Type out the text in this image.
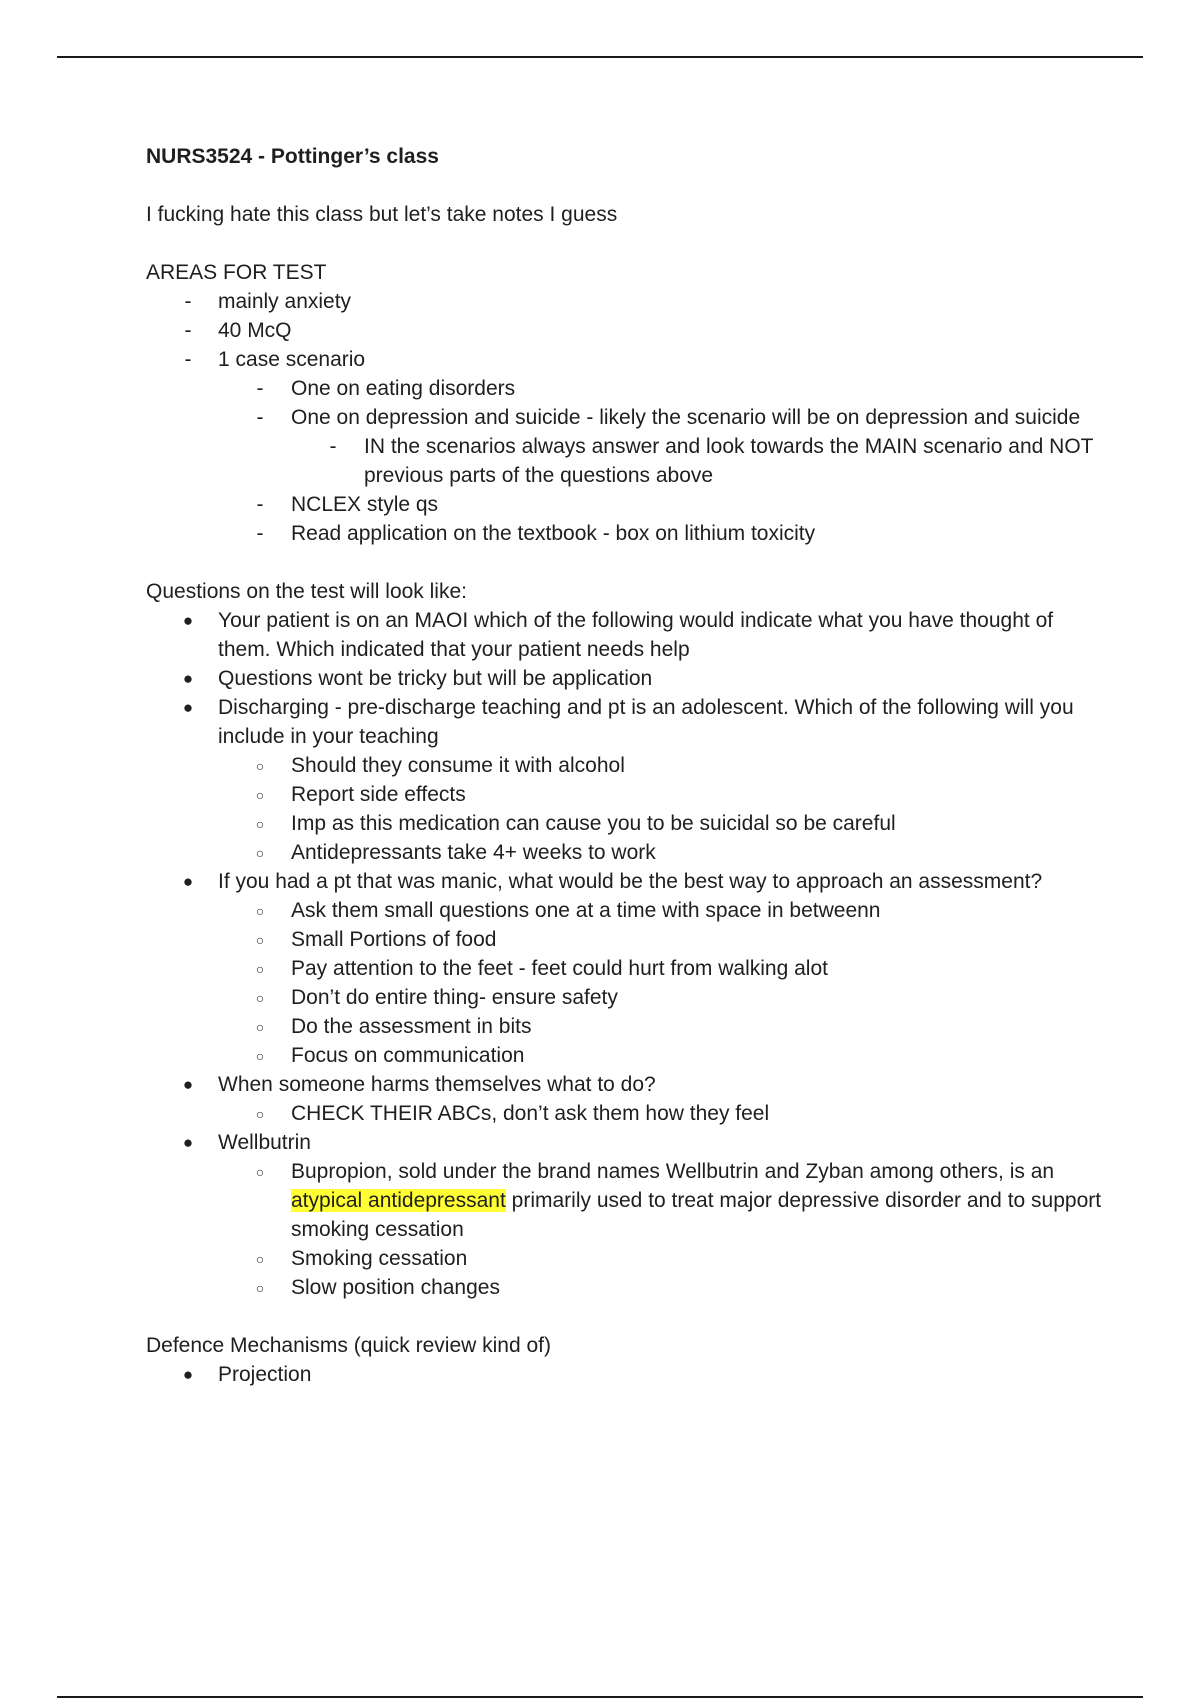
NURS3524 - Pottinger’s class

I fucking hate this class but let’s take notes I guess

AREAS FOR TEST

-	mainly anxiety
-	40 McQ
-	1 case scenario
-	One on eating disorders
-	One on depression and suicide - likely the scenario will be on depression and suicide
-	IN the scenarios always answer and look towards the MAIN scenario and NOT previous parts of the questions above
-	NCLEX style qs
-	Read application on the textbook - box on lithium toxicity

Questions on the test will look like:

●	Your patient is on an MAOI which of the following would indicate what you have thought of them. Which indicated that your patient needs help
●	Questions wont be tricky but will be application
●	Discharging - pre-discharge teaching and pt is an adolescent. Which of the following will you include in your teaching
○	Should they consume it with alcohol
○	Report side effects
○	Imp as this medication can cause you to be suicidal so be careful
○	Antidepressants take 4+ weeks to work
●	If you had a pt that was manic, what would be the best way to approach an assessment?
○	Ask them small questions one at a time with space in betweenn
○	Small Portions of food
○	Pay attention to the feet - feet could hurt from walking alot
○	Don’t do entire thing- ensure safety
○	Do the assessment in bits
○	Focus on communication
●	When someone harms themselves what to do?
○	CHECK THEIR ABCs, don’t ask them how they feel
●	Wellbutrin
○	Bupropion, sold under the brand names Wellbutrin and Zyban among others, is an atypical antidepressant primarily used to treat major depressive disorder and to support smoking cessation
○	Smoking cessation
○	Slow position changes

Defence Mechanisms (quick review kind of)

●	Projection
